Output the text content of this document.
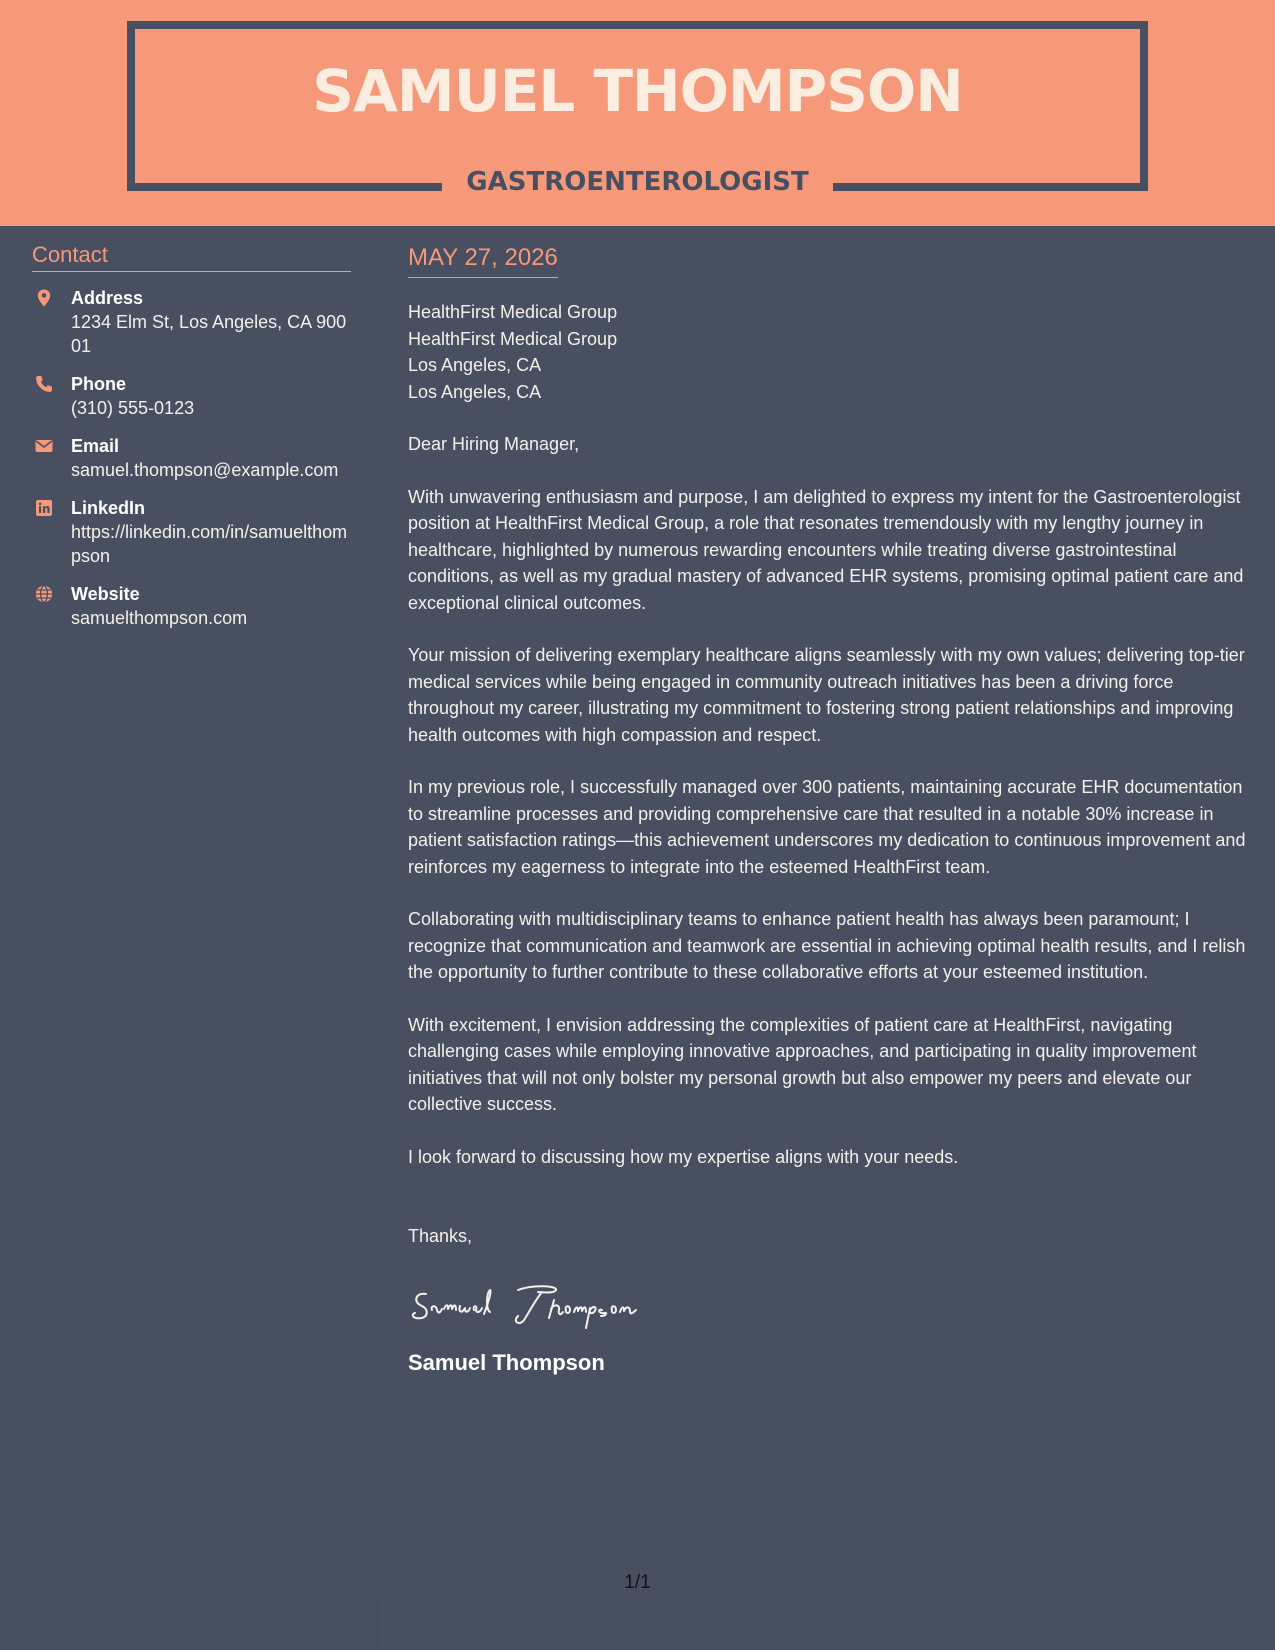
SAMUEL THOMPSON
GASTROENTEROLOGIST
Contact
Address
1234 Elm St, Los Angeles, CA 90001
Phone
(310) 555-0123
Email
samuel.thompson@example.com
LinkedIn
https://linkedin.com/in/samuelthompson
Website
samuelthompson.com
MAY 27, 2026
HealthFirst Medical Group
HealthFirst Medical Group
Los Angeles, CA
Los Angeles, CA
Dear Hiring Manager,
With unwavering enthusiasm and purpose, I am delighted to express my intent for the Gastroenterologist position at HealthFirst Medical Group, a role that resonates tremendously with my lengthy journey in healthcare, highlighted by numerous rewarding encounters while treating diverse gastrointestinal conditions, as well as my gradual mastery of advanced EHR systems, promising optimal patient care and exceptional clinical outcomes.
Your mission of delivering exemplary healthcare aligns seamlessly with my own values; delivering top-tier medical services while being engaged in community outreach initiatives has been a driving force throughout my career, illustrating my commitment to fostering strong patient relationships and improving health outcomes with high compassion and respect.
In my previous role, I successfully managed over 300 patients, maintaining accurate EHR documentation to streamline processes and providing comprehensive care that resulted in a notable 30% increase in patient satisfaction ratings—this achievement underscores my dedication to continuous improvement and reinforces my eagerness to integrate into the esteemed HealthFirst team.
Collaborating with multidisciplinary teams to enhance patient health has always been paramount; I recognize that communication and teamwork are essential in achieving optimal health results, and I relish the opportunity to further contribute to these collaborative efforts at your esteemed institution.
With excitement, I envision addressing the complexities of patient care at HealthFirst, navigating challenging cases while employing innovative approaches, and participating in quality improvement initiatives that will not only bolster my personal growth but also empower my peers and elevate our collective success.
I look forward to discussing how my expertise aligns with your needs.
Thanks,
Samuel Thompson
1/1
